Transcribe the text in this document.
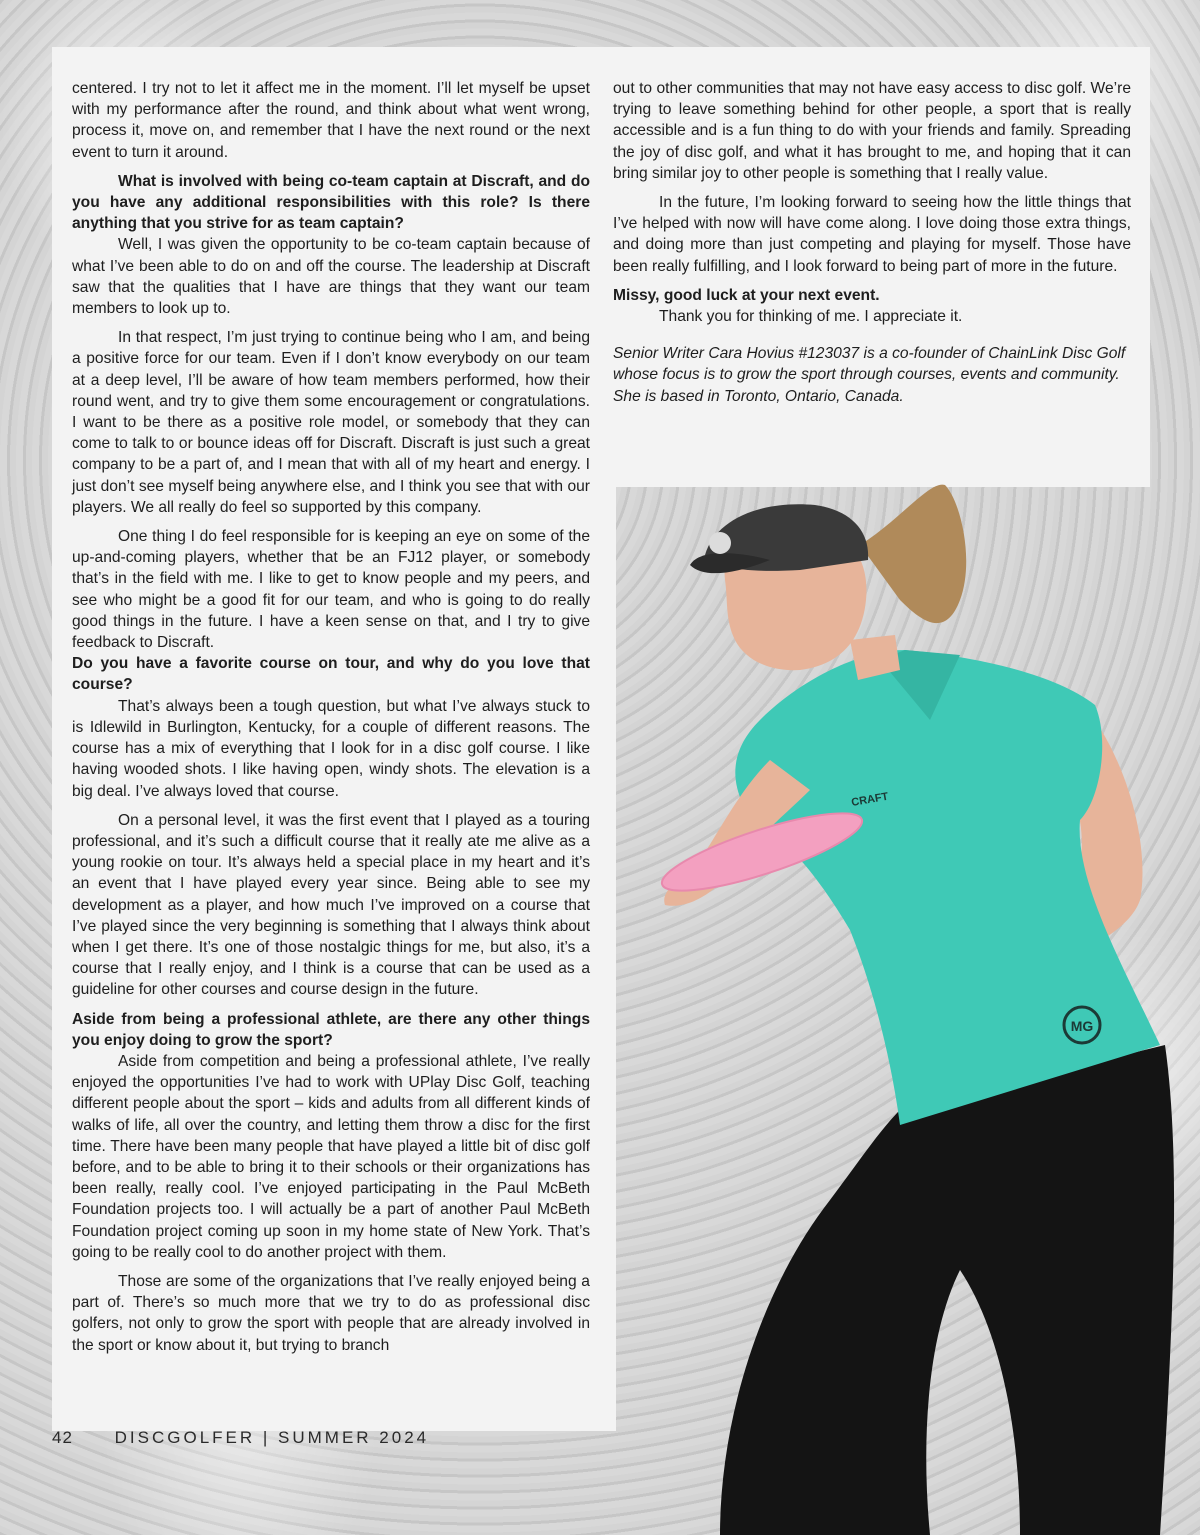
MG
CRAFT

centered. I try not to let it affect me in the moment. I’ll let myself be upset with my performance after the round, and think about what went wrong, process it, move on, and remember that I have the next round or the next event to turn it around.

What is involved with being co-team captain at Discraft, and do you have any additional responsibilities with this role? Is there anything that you strive for as team captain?

Well, I was given the opportunity to be co-team captain because of what I’ve been able to do on and off the course. The leadership at Discraft saw that the qualities that I have are things that they want our team members to look up to.

In that respect, I’m just trying to continue being who I am, and being a positive force for our team. Even if I don’t know everybody on our team at a deep level, I’ll be aware of how team members performed, how their round went, and try to give them some encouragement or congratulations. I want to be there as a positive role model, or somebody that they can come to talk to or bounce ideas off for Discraft. Discraft is just such a great company to be a part of, and I mean that with all of my heart and energy. I just don’t see myself being anywhere else, and I think you see that with our players. We all really do feel so supported by this company.

One thing I do feel responsible for is keeping an eye on some of the up-and-coming players, whether that be an FJ12 player, or somebody that’s in the field with me. I like to get to know people and my peers, and see who might be a good fit for our team, and who is going to do really good things in the future. I have a keen sense on that, and I try to give feedback to Discraft.

Do you have a favorite course on tour, and why do you love that course?

That’s always been a tough question, but what I’ve always stuck to is Idlewild in Burlington, Kentucky, for a couple of different reasons. The course has a mix of everything that I look for in a disc golf course. I like having wooded shots. I like having open, windy shots. The elevation is a big deal. I’ve always loved that course.

On a personal level, it was the first event that I played as a touring professional, and it’s such a difficult course that it really ate me alive as a young rookie on tour. It’s always held a special place in my heart and it’s an event that I have played every year since. Being able to see my development as a player, and how much I’ve improved on a course that I’ve played since the very beginning is something that I always think about when I get there. It’s one of those nostalgic things for me, but also, it’s a course that I really enjoy, and I think is a course that can be used as a guideline for other courses and course design in the future.

Aside from being a professional athlete, are there any other things you enjoy doing to grow the sport?

Aside from competition and being a professional athlete, I’ve really enjoyed the opportunities I’ve had to work with UPlay Disc Golf, teaching different people about the sport – kids and adults from all different kinds of walks of life, all over the country, and letting them throw a disc for the first time. There have been many people that have played a little bit of disc golf before, and to be able to bring it to their schools or their organizations has been really, really cool. I’ve enjoyed participating in the Paul McBeth Foundation projects too. I will actually be a part of another Paul McBeth Foundation project coming up soon in my home state of New York. That’s going to be really cool to do another project with them.

Those are some of the organizations that I’ve really enjoyed being a part of. There’s so much more that we try to do as professional disc golfers, not only to grow the sport with people that are already involved in the sport or know about it, but trying to branch

out to other communities that may not have easy access to disc golf. We’re trying to leave something behind for other people, a sport that is really accessible and is a fun thing to do with your friends and family. Spreading the joy of disc golf, and what it has brought to me, and hoping that it can bring similar joy to other people is something that I really value.

In the future, I’m looking forward to seeing how the little things that I’ve helped with now will have come along. I love doing those extra things, and doing more than just competing and playing for myself. Those have been really fulfilling, and I look forward to being part of more in the future.

Missy, good luck at your next event.

Thank you for thinking of me. I appreciate it.

Senior Writer Cara Hovius #123037 is a co-founder of ChainLink Disc Golf whose focus is to grow the sport through courses, events and community. She is based in Toronto, Ontario, Canada.

42 DISCGOLFER | SUMMER 2024
